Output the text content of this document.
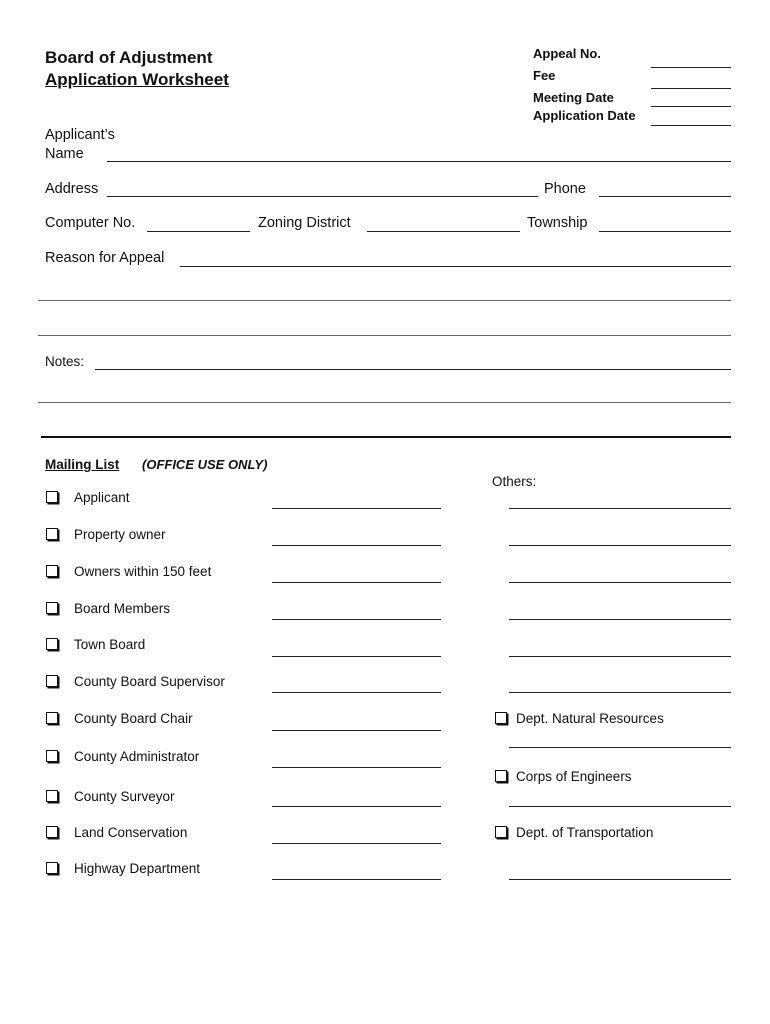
Board of Adjustment
Application Worksheet
Appeal No.
Fee
Meeting Date
Application Date
Applicant’s
Name
Address	Phone
Computer No.	Zoning District	Township
Reason for Appeal
Notes:
Mailing List (OFFICE USE ONLY)
Others:
Applicant
Property owner
Owners within 150 feet
Board Members
Town Board
County Board Supervisor
County Board Chair
County Administrator
County Surveyor
Land Conservation
Highway Department
Dept. Natural Resources
Corps of Engineers
Dept. of Transportation
